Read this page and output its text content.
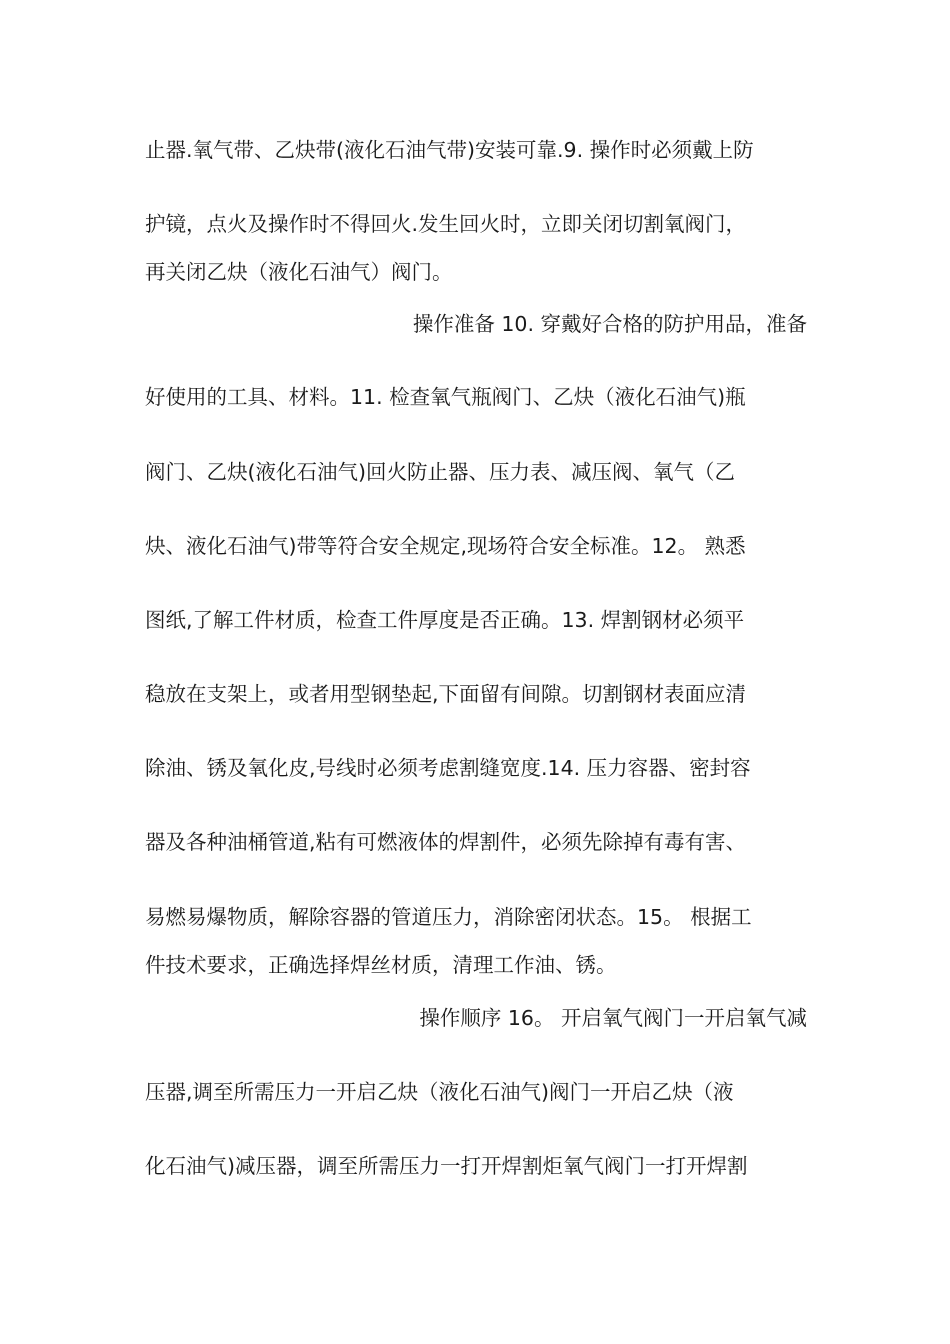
止器.氧气带、乙炔带(液化石油气带)安装可靠.9. 操作时必须戴上防
护镜，点火及操作时不得回火.发生回火时，立即关闭切割氧阀门，
再关闭乙炔（液化石油气）阀门。
操作准备 10. 穿戴好合格的防护用品，准备
好使用的工具、材料。11. 检查氧气瓶阀门、乙炔（液化石油气)瓶
阀门、乙炔(液化石油气)回火防止器、压力表、减压阀、氧气（乙
炔、液化石油气)带等符合安全规定,现场符合安全标准。12。 熟悉
图纸,了解工件材质，检查工件厚度是否正确。13. 焊割钢材必须平
稳放在支架上，或者用型钢垫起,下面留有间隙。切割钢材表面应清
除油、锈及氧化皮,号线时必须考虑割缝宽度.14. 压力容器、密封容
器及各种油桶管道,粘有可燃液体的焊割件，必须先除掉有毒有害、
易燃易爆物质，解除容器的管道压力，消除密闭状态。15。 根据工
件技术要求，正确选择焊丝材质，清理工作油、锈。
操作顺序 16。 开启氧气阀门一开启氧气减
压器,调至所需压力一开启乙炔（液化石油气)阀门一开启乙炔（液
化石油气)减压器，调至所需压力一打开焊割炬氧气阀门一打开焊割
